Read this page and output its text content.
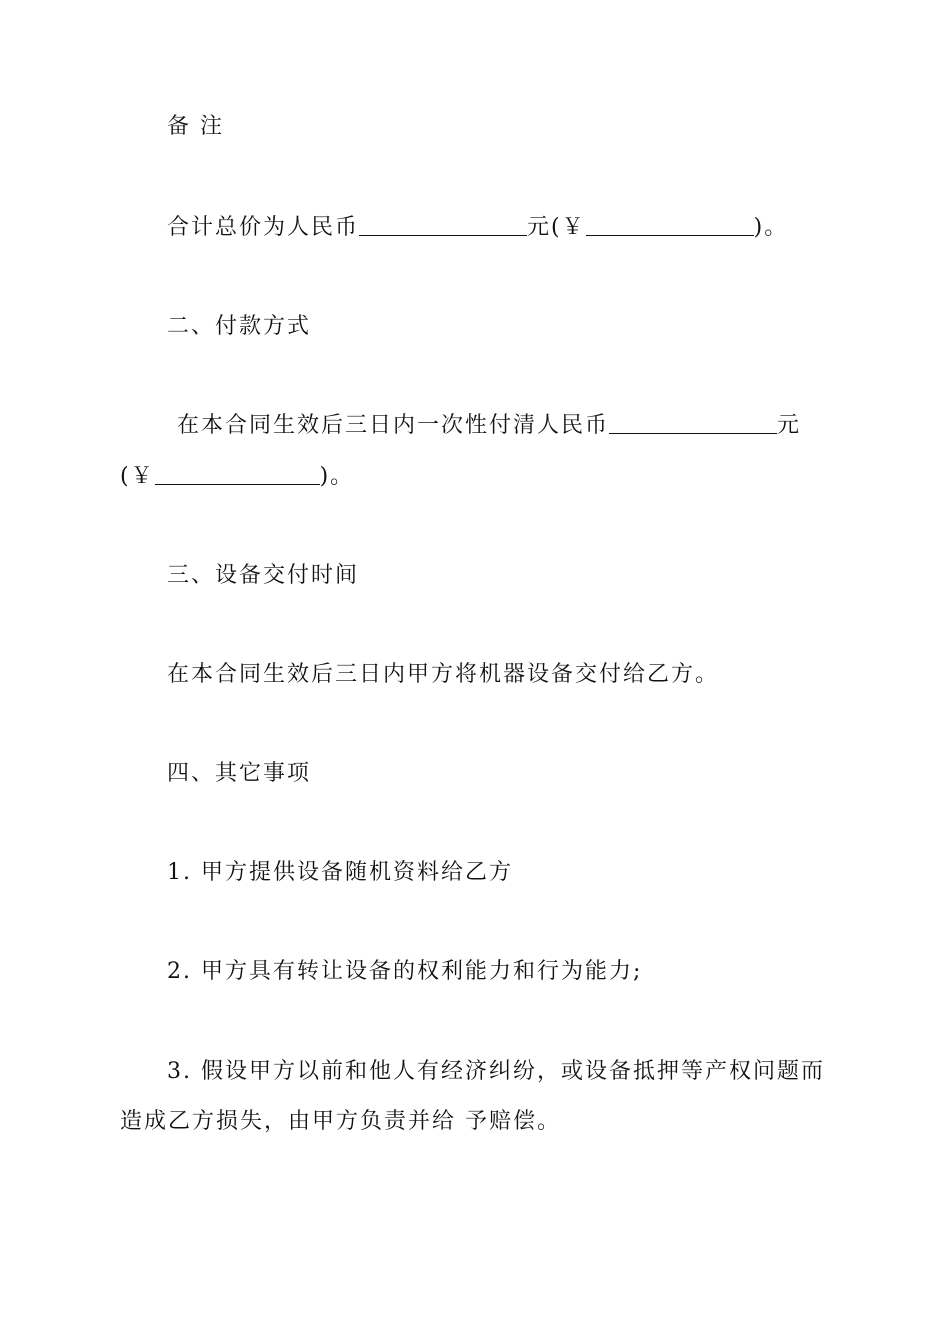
备 注
合计总价为人民币	元(￥	)。
二、付款方式
在本合同生效后三日内一次性付清人民币	元
(￥	)。
三、设备交付时间
在本合同生效后三日内甲方将机器设备交付给乙方。
四、其它事项
1. 甲方提供设备随机资料给乙方
2. 甲方具有转让设备的权利能力和行为能力;
3. 假设甲方以前和他人有经济纠纷，或设备抵押等产权问题而
造成乙方损失，由甲方负责并给 予赔偿。
